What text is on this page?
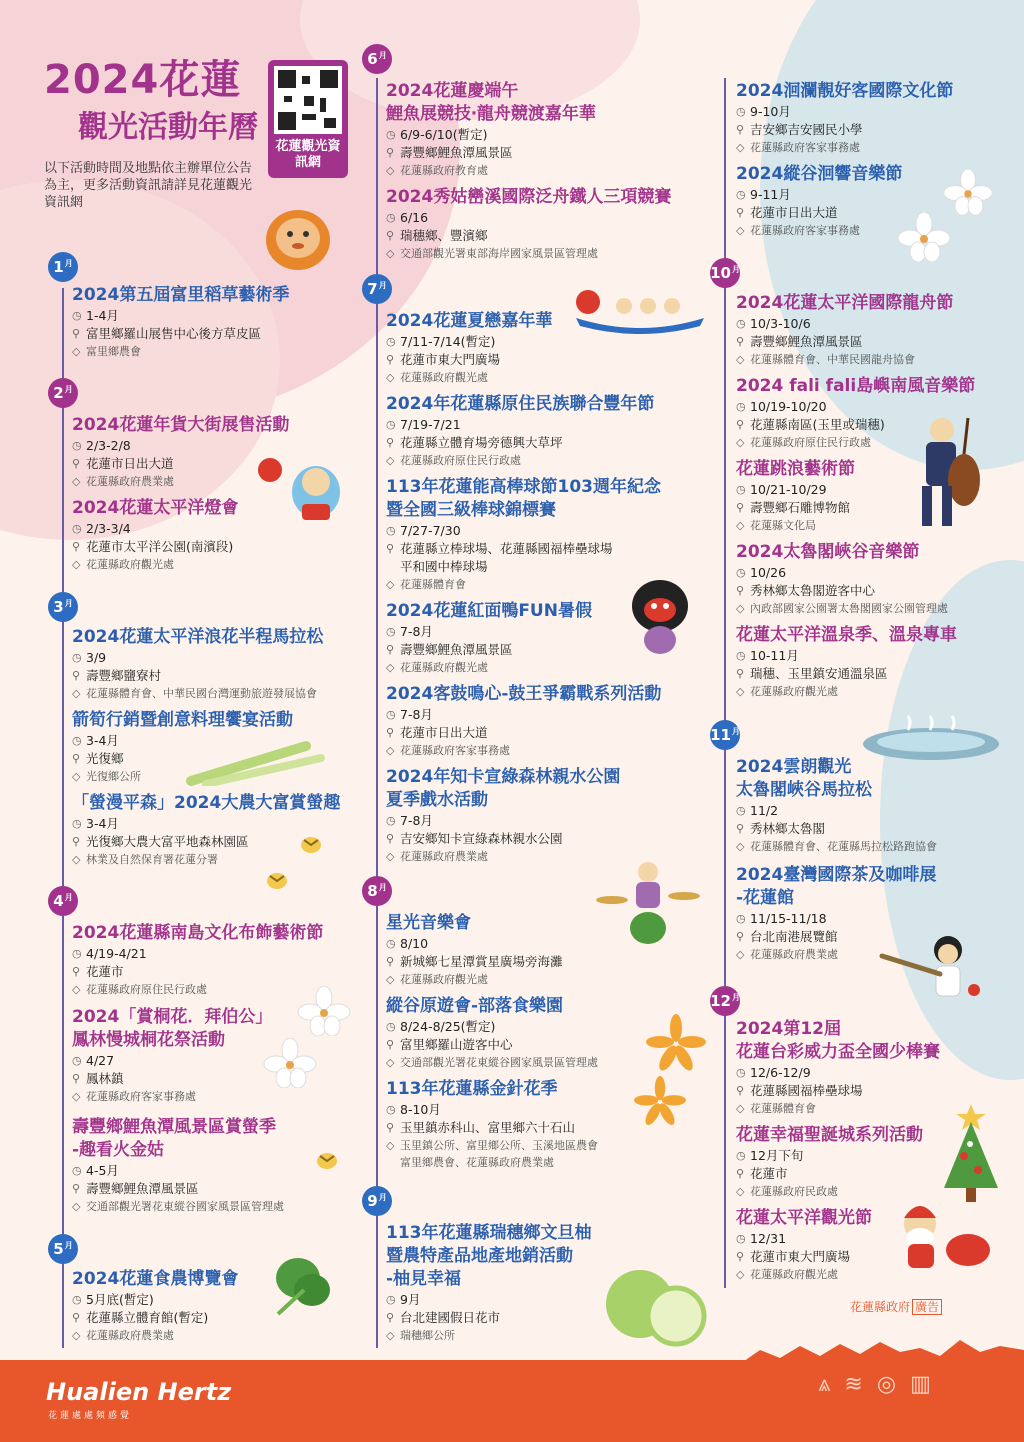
2024花蓮
觀光活動年曆
以下活動時間及地點依主辦單位公告為主，更多活動資訊請詳見花蓮觀光資訊網
花蓮觀光資訊網
1 月
2 月
3 月
4 月
5 月
6 月
7 月
8 月
9 月
10 月
11 月
12 月
2024第五屆富里稻草藝術季
◷ 1-4月
⚲ 富里鄉羅山展售中心後方草皮區
◇ 富里鄉農會
2024花蓮年貨大街展售活動
◷ 2/3-2/8
⚲ 花蓮市日出大道
◇ 花蓮縣政府農業處
2024花蓮太平洋燈會
◷ 2/3-3/4
⚲ 花蓮市太平洋公園(南濱段)
◇ 花蓮縣政府觀光處
2024花蓮太平洋浪花半程馬拉松
◷ 3/9
⚲ 壽豐鄉鹽寮村
◇ 花蓮縣體育會、中華民國台灣運動旅遊發展協會
箭筍行銷暨創意料理饗宴活動
◷ 3-4月
⚲ 光復鄉
◇ 光復鄉公所
「螢漫平森」2024大農大富賞螢趣
◷ 3-4月
⚲ 光復鄉大農大富平地森林園區
◇ 林業及自然保育署花蓮分署
2024花蓮縣南島文化布飾藝術節
◷ 4/19-4/21
⚲ 花蓮市
◇ 花蓮縣政府原住民行政處
2024「賞桐花．拜伯公」
鳳林慢城桐花祭活動
◷ 4/27
⚲ 鳳林鎮
◇ 花蓮縣政府客家事務處
壽豐鄉鯉魚潭風景區賞螢季
-趣看火金姑
◷ 4-5月
⚲ 壽豐鄉鯉魚潭風景區
◇ 交通部觀光署花東縱谷國家風景區管理處
2024花蓮食農博覽會
◷ 5月底(暫定)
⚲ 花蓮縣立體育館(暫定)
◇ 花蓮縣政府農業處
2024花蓮慶端午
鯉魚展競技‧龍舟競渡嘉年華
◷ 6/9-6/10(暫定)
⚲ 壽豐鄉鯉魚潭風景區
◇ 花蓮縣政府教育處
2024秀姑巒溪國際泛舟鐵人三項競賽
◷ 6/16
⚲ 瑞穗鄉、豐濱鄉
◇ 交通部觀光署東部海岸國家風景區管理處
2024花蓮夏戀嘉年華
◷ 7/11-7/14(暫定)
⚲ 花蓮市東大門廣場
◇ 花蓮縣政府觀光處
2024年花蓮縣原住民族聯合豐年節
◷ 7/19-7/21
⚲ 花蓮縣立體育場旁德興大草坪
◇ 花蓮縣政府原住民行政處
113年花蓮能高棒球節103週年紀念
暨全國三級棒球錦標賽
◷ 7/27-7/30
⚲ 花蓮縣立棒球場、花蓮縣國福棒壘球場
平和國中棒球場
◇ 花蓮縣體育會
2024花蓮紅面鴨FUN暑假
◷ 7-8月
⚲ 壽豐鄉鯉魚潭風景區
◇ 花蓮縣政府觀光處
2024客鼓鳴心-鼓王爭霸戰系列活動
◷ 7-8月
⚲ 花蓮市日出大道
◇ 花蓮縣政府客家事務處
2024年知卡宣綠森林親水公園
夏季戲水活動
◷ 7-8月
⚲ 吉安鄉知卡宣綠森林親水公園
◇ 花蓮縣政府農業處
星光音樂會
◷ 8/10
⚲ 新城鄉七星潭賞星廣場旁海灘
◇ 花蓮縣政府觀光處
縱谷原遊會-部落食樂園
◷ 8/24-8/25(暫定)
⚲ 富里鄉羅山遊客中心
◇ 交通部觀光署花東縱谷國家風景區管理處
113年花蓮縣金針花季
◷ 8-10月
⚲ 玉里鎮赤科山、富里鄉六十石山
◇ 玉里鎮公所、富里鄉公所、玉溪地區農會
富里鄉農會、花蓮縣政府農業處
113年花蓮縣瑞穗鄉文旦柚
暨農特產品地產地銷活動
-柚見幸福
◷ 9月
⚲ 台北建國假日花市
◇ 瑞穗鄉公所
2024洄瀾靚好客國際文化節
◷ 9-10月
⚲ 吉安鄉吉安國民小學
◇ 花蓮縣政府客家事務處
2024縱谷洄響音樂節
◷ 9-11月
⚲ 花蓮市日出大道
◇ 花蓮縣政府客家事務處
2024花蓮太平洋國際龍舟節
◷ 10/3-10/6
⚲ 壽豐鄉鯉魚潭風景區
◇ 花蓮縣體育會、中華民國龍舟協會
2024 fali fali島嶼南風音樂節
◷ 10/19-10/20
⚲ 花蓮縣南區(玉里或瑞穗)
◇ 花蓮縣政府原住民行政處
花蓮跳浪藝術節
◷ 10/21-10/29
⚲ 壽豐鄉石雕博物館
◇ 花蓮縣文化局
2024太魯閣峽谷音樂節
◷ 10/26
⚲ 秀林鄉太魯閣遊客中心
◇ 內政部國家公園署太魯閣國家公園管理處
花蓮太平洋溫泉季、溫泉專車
◷ 10-11月
⚲ 瑞穗、玉里鎮安通溫泉區
◇ 花蓮縣政府觀光處
2024雲朗觀光
太魯閣峽谷馬拉松
◷ 11/2
⚲ 秀林鄉太魯閣
◇ 花蓮縣體育會、花蓮縣馬拉松路跑協會
2024臺灣國際茶及咖啡展
-花蓮館
◷ 11/15-11/18
⚲ 台北南港展覽館
◇ 花蓮縣政府農業處
2024第12屆
花蓮台彩威力盃全國少棒賽
◷ 12/6-12/9
⚲ 花蓮縣國福棒壘球場
◇ 花蓮縣體育會
花蓮幸福聖誕城系列活動
◷ 12月下旬
⚲ 花蓮市
◇ 花蓮縣政府民政處
花蓮太平洋觀光節
◷ 12/31
⚲ 花蓮市東大門廣場
◇ 花蓮縣政府觀光處
花蓮縣政府 廣告
Hualien Hertz
花蓮處處頻感覺
⩓ ≋ ◎ ▥
